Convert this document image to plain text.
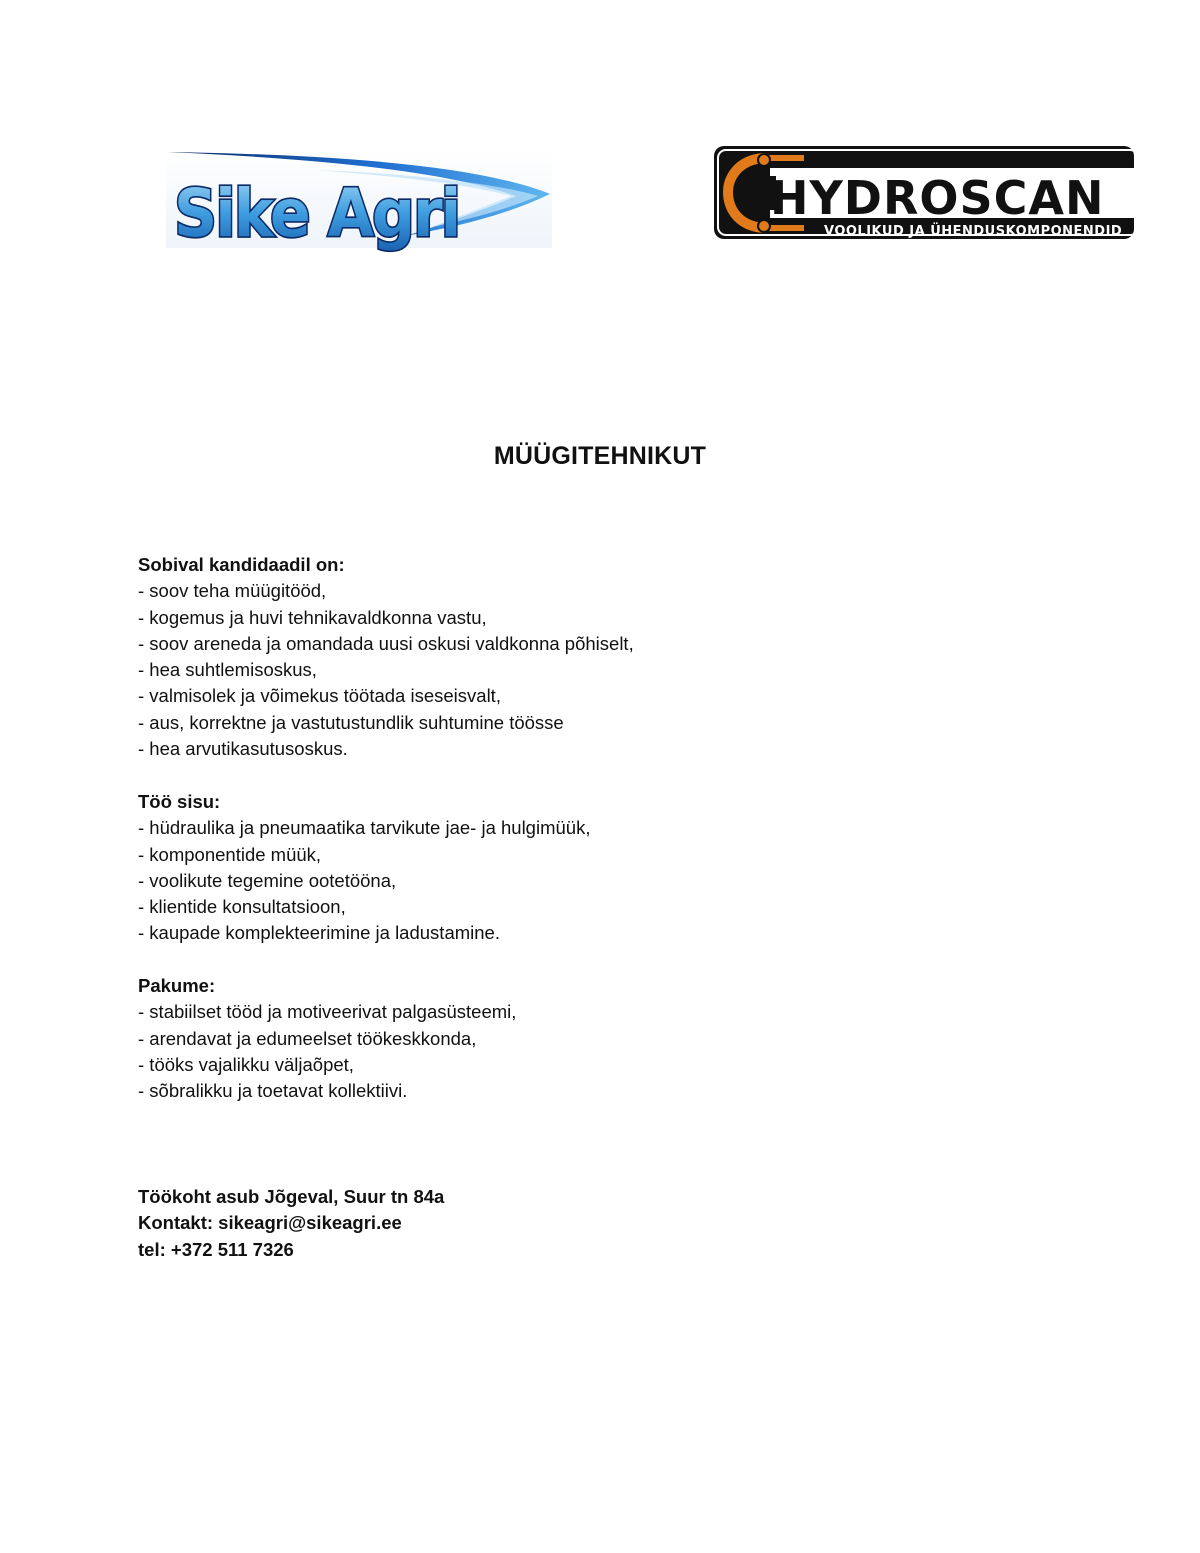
Sike Agri	HYDROSCAN
VOOLIKUD JA ÜHENDUSKOMPONENDID
MÜÜGITEHNIKUT
Sobival kandidaadil on:
- soov teha müügitööd,
- kogemus ja huvi tehnikavaldkonna vastu,
- soov areneda ja omandada uusi oskusi valdkonna põhiselt,
- hea suhtlemisoskus,
- valmisolek ja võimekus töötada iseseisvalt,
- aus, korrektne ja vastutustundlik suhtumine töösse
- hea arvutikasutusoskus.
Töö sisu:
- hüdraulika ja pneumaatika tarvikute jae- ja hulgimüük,
- komponentide müük,
- voolikute tegemine ootetööna,
- klientide konsultatsioon,
- kaupade komplekteerimine ja ladustamine.
Pakume:
- stabiilset tööd ja motiveerivat palgasüsteemi,
- arendavat ja edumeelset töökeskkonda,
- tööks vajalikku väljaõpet,
- sõbralikku ja toetavat kollektiivi.
Töökoht asub Jõgeval, Suur tn 84a
Kontakt: sikeagri@sikeagri.ee
tel: +372 511 7326
